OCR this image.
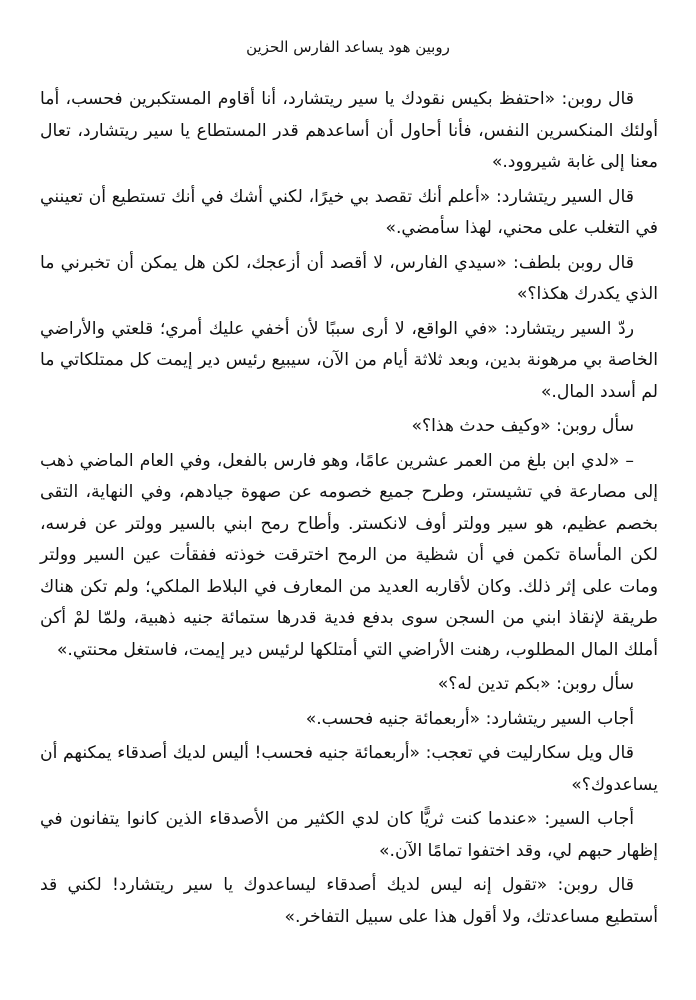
روبين هود يساعد الفارس الحزين

قال روبن: «احتفظ بكيس نقودك يا سير ريتشارد، أنا أقاوم المستكبرين فحسب، أما أولئك المنكسرين النفس، فأنا أحاول أن أساعدهم قدر المستطاع يا سير ريتشارد، تعال معنا إلى غابة شيروود.»

قال السير ريتشارد: «أعلم أنك تقصد بي خيرًا، لكني أشك في أنك تستطيع أن تعينني في التغلب على محني، لهذا سأمضي.»

قال روبن بلطف: «سيدي الفارس، لا أقصد أن أزعجك، لكن هل يمكن أن تخبرني ما الذي يكدرك هكذا؟»

ردّ السير ريتشارد: «في الواقع، لا أرى سببًا لأن أخفي عليك أمري؛ قلعتي والأراضي الخاصة بي مرهونة بدين، وبعد ثلاثة أيام من الآن، سيبيع رئيس دير إيمت كل ممتلكاتي ما لم أسدد المال.»

سأل روبن: «وكيف حدث هذا؟»

– «لدي ابن بلغ من العمر عشرين عامًا، وهو فارس بالفعل، وفي العام الماضي ذهب إلى مصارعة في تشيستر، وطرح جميع خصومه عن صهوة جيادهم، وفي النهاية، التقى بخصم عظيم، هو سير وولتر أوف لانكستر. وأطاح رمح ابني بالسير وولتر عن فرسه، لكن المأساة تكمن في أن شظية من الرمح اخترقت خوذته ففقأت عين السير وولتر ومات على إثر ذلك. وكان لأقاربه العديد من المعارف في البلاط الملكي؛ ولم تكن هناك طريقة لإنقاذ ابني من السجن سوى بدفع فدية قدرها ستمائة جنيه ذهبية، ولمّا لمْ أكن أملك المال المطلوب، رهنت الأراضي التي أمتلكها لرئيس دير إيمت، فاستغل محنتي.»

سأل روبن: «بكم تدين له؟»

أجاب السير ريتشارد: «أربعمائة جنيه فحسب.»

قال ويل سكارليت في تعجب: «أربعمائة جنيه فحسب! أليس لديك أصدقاء يمكنهم أن يساعدوك؟»

أجاب السير: «عندما كنت ثريًّا كان لدي الكثير من الأصدقاء الذين كانوا يتفانون في إظهار حبهم لي، وقد اختفوا تمامًا الآن.»

قال روبن: «تقول إنه ليس لديك أصدقاء ليساعدوك يا سير ريتشارد! لكني قد أستطيع مساعدتك، ولا أقول هذا على سبيل التفاخر.»
